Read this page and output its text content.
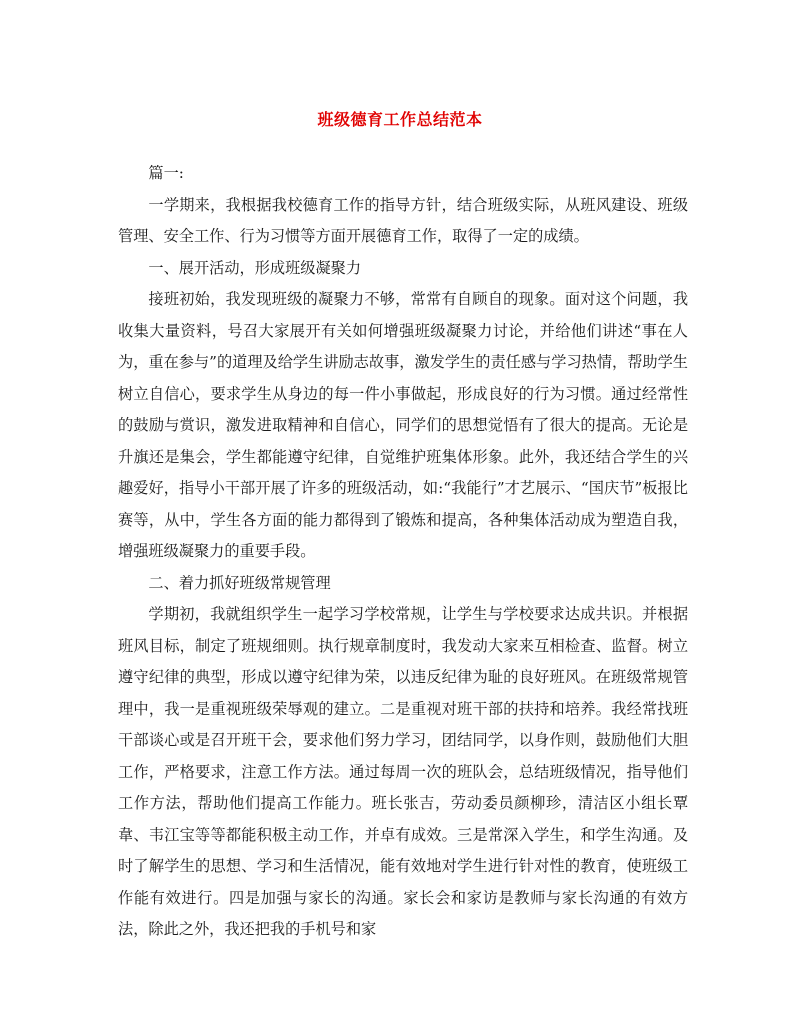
班级德育工作总结范本

篇一:

一学期来，我根据我校德育工作的指导方针，结合班级实际，从班风建设、班级管理、安全工作、行为习惯等方面开展德育工作，取得了一定的成绩。

一、展开活动，形成班级凝聚力

接班初始，我发现班级的凝聚力不够，常常有自顾自的现象。面对这个问题，我收集大量资料，号召大家展开有关如何增强班级凝聚力讨论，并给他们讲述“事在人为，重在参与”的道理及给学生讲励志故事，激发学生的责任感与学习热情，帮助学生树立自信心，要求学生从身边的每一件小事做起，形成良好的行为习惯。通过经常性的鼓励与赏识，激发进取精神和自信心，同学们的思想觉悟有了很大的提高。无论是升旗还是集会，学生都能遵守纪律，自觉维护班集体形象。此外，我还结合学生的兴趣爱好，指导小干部开展了许多的班级活动，如:“我能行”才艺展示、“国庆节”板报比赛等，从中，学生各方面的能力都得到了锻炼和提高，各种集体活动成为塑造自我，增强班级凝聚力的重要手段。

二、着力抓好班级常规管理

学期初，我就组织学生一起学习学校常规，让学生与学校要求达成共识。并根据班风目标，制定了班规细则。执行规章制度时，我发动大家来互相检查、监督。树立遵守纪律的典型，形成以遵守纪律为荣，以违反纪律为耻的良好班风。在班级常规管理中，我一是重视班级荣辱观的建立。二是重视对班干部的扶持和培养。我经常找班干部谈心或是召开班干会，要求他们努力学习，团结同学，以身作则，鼓励他们大胆工作，严格要求，注意工作方法。通过每周一次的班队会，总结班级情况，指导他们工作方法，帮助他们提高工作能力。班长张吉，劳动委员颜柳珍，清洁区小组长覃韋、韦江宝等等都能积极主动工作，并卓有成效。三是常深入学生，和学生沟通。及时了解学生的思想、学习和生活情况，能有效地对学生进行针对性的教育，使班级工作能有效进行。四是加强与家长的沟通。家长会和家访是教师与家长沟通的有效方法，除此之外，我还把我的手机号和家
